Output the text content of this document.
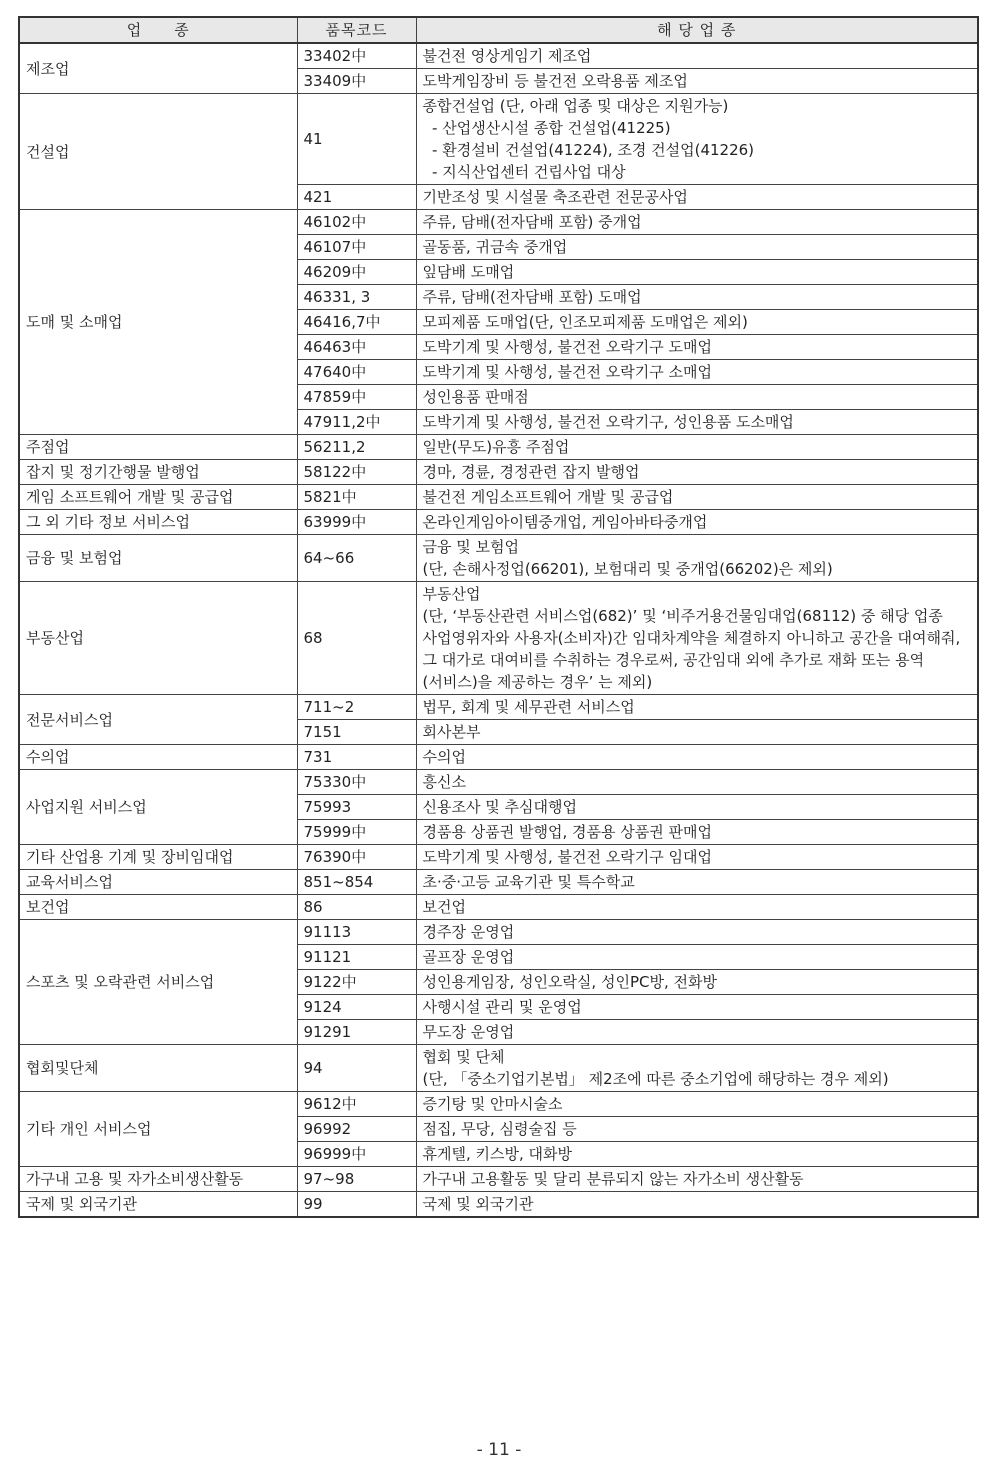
업　　종	품목코드	해 당 업 종
제조업	33402中	불건전 영상게임기 제조업
	33409中	도박게임장비 등 불건전 오락용품 제조업
건설업	41	종합건설업 (단, 아래 업종 및 대상은 지원가능)
- 산업생산시설 종합 건설업(41225)
- 환경설비 건설업(41224), 조경 건설업(41226)
- 지식산업센터 건립사업 대상
	421	기반조성 및 시설물 축조관련 전문공사업
도매 및 소매업	46102中	주류, 담배(전자담배 포함) 중개업
	46107中	골동품, 귀금속 중개업
	46209中	잎담배 도매업
	46331, 3	주류, 담배(전자담배 포함) 도매업
	46416,7中	모피제품 도매업(단, 인조모피제품 도매업은 제외)
	46463中	도박기계 및 사행성, 불건전 오락기구 도매업
	47640中	도박기계 및 사행성, 불건전 오락기구 소매업
	47859中	성인용품 판매점
	47911,2中	도박기계 및 사행성, 불건전 오락기구, 성인용품 도소매업
주점업	56211,2	일반(무도)유흥 주점업
잡지 및 정기간행물 발행업	58122中	경마, 경륜, 경정관련 잡지 발행업
게임 소프트웨어 개발 및 공급업	5821中	불건전 게임소프트웨어 개발 및 공급업
그 외 기타 정보 서비스업	63999中	온라인게임아이템중개업, 게임아바타중개업
금융 및 보험업	64~66	금융 및 보험업
(단, 손해사정업(66201), 보험대리 및 중개업(66202)은 제외)
부동산업	68	부동산업
(단, ‘부동산관련 서비스업(682)’ 및 ‘비주거용건물임대업(68112) 중 해당 업종 사업영위자와 사용자(소비자)간 임대차계약을 체결하지 아니하고 공간을 대여해줘, 그 대가로 대여비를 수취하는 경우로써, 공간임대 외에 추가로 재화 또는 용역(서비스)을 제공하는 경우’ 는 제외)
전문서비스업	711~2	법무, 회계 및 세무관련 서비스업
	7151	회사본부
수의업	731	수의업
사업지원 서비스업	75330中	흥신소
	75993	신용조사 및 추심대행업
	75999中	경품용 상품권 발행업, 경품용 상품권 판매업
기타 산업용 기계 및 장비임대업	76390中	도박기계 및 사행성, 불건전 오락기구 임대업
교육서비스업	851~854	초·중·고등 교육기관 및 특수학교
보건업	86	보건업
스포츠 및 오락관련 서비스업	91113	경주장 운영업
	91121	골프장 운영업
	9122中	성인용게임장, 성인오락실, 성인PC방, 전화방
	9124	사행시설 관리 및 운영업
	91291	무도장 운영업
협회및단체	94	협회 및 단체
(단, 「중소기업기본법」 제2조에 따른 중소기업에 해당하는 경우 제외)
기타 개인 서비스업	9612中	증기탕 및 안마시술소
	96992	점집, 무당, 심령술집 등
	96999中	휴게텔, 키스방, 대화방
가구내 고용 및 자가소비생산활동	97~98	가구내 고용활동 및 달리 분류되지 않는 자가소비 생산활동
국제 및 외국기관	99	국제 및 외국기관
- 11 -
